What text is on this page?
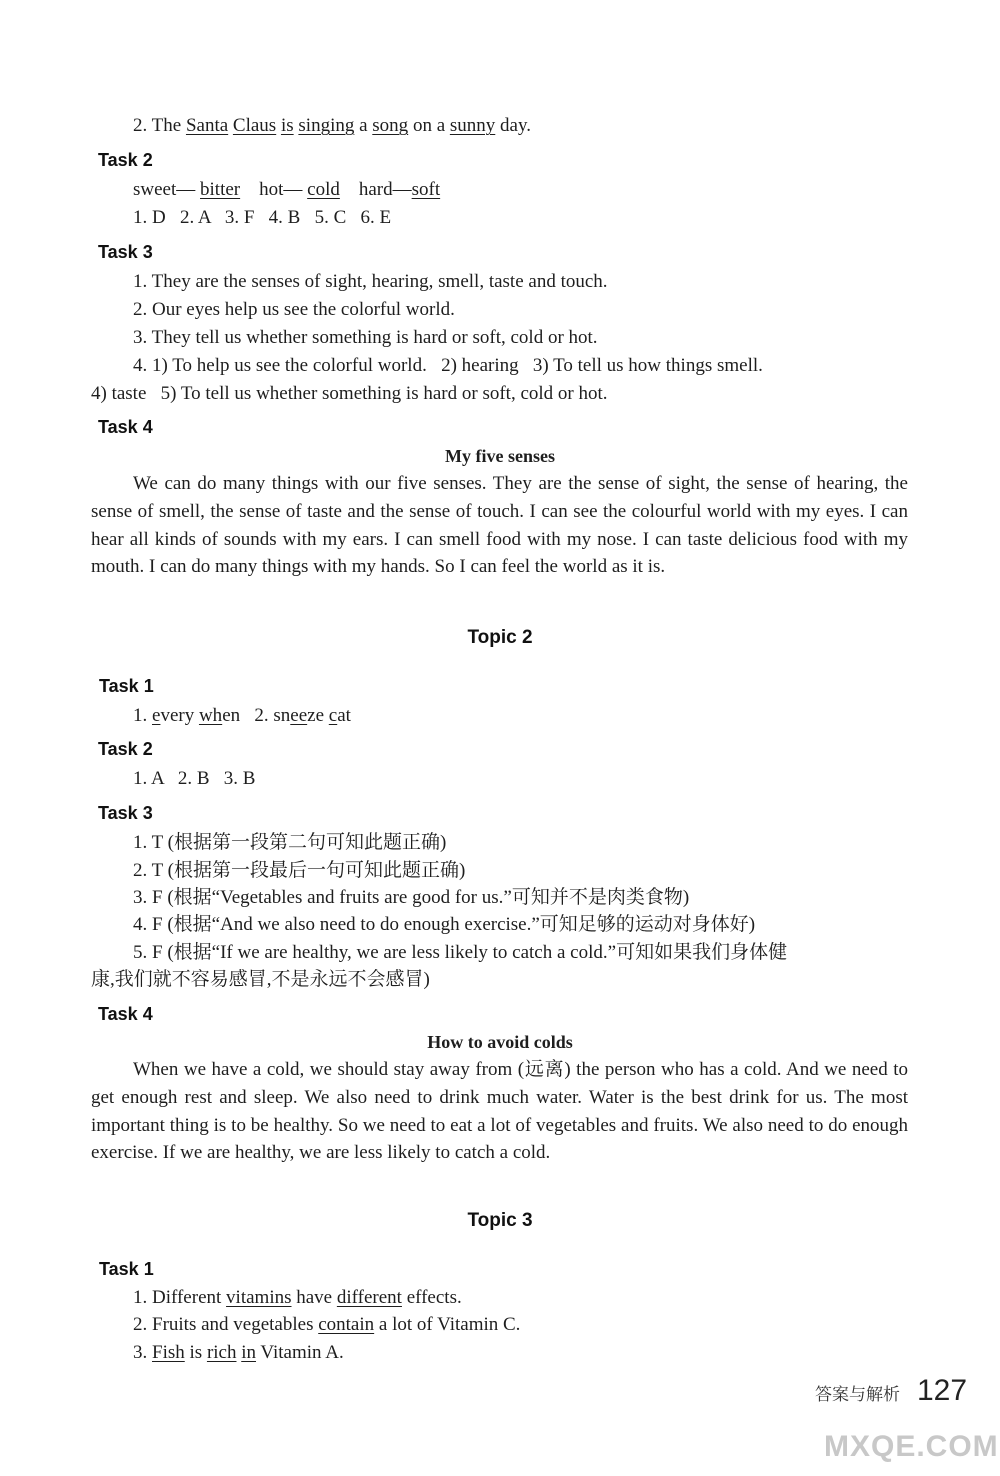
2. The Santa Claus is singing a song on a sunny day.
Task 2
sweet— bitter hot— cold hard—soft
1. D   2. A   3. F   4. B   5. C   6. E
Task 3
1. They are the senses of sight, hearing, smell, taste and touch.
2. Our eyes help us see the colorful world.
3. They tell us whether something is hard or soft, cold or hot.
4. 1) To help us see the colorful world.   2) hearing   3) To tell us how things smell.
4) taste   5) To tell us whether something is hard or soft, cold or hot.
Task 4
My five senses

We can do many things with our five senses. They are the sense of sight, the sense of hearing, the sense of smell, the sense of taste and the sense of touch. I can see the colourful world with my eyes. I can hear all kinds of sounds with my ears. I can smell food with my nose. I can taste delicious food with my mouth. I can do many things with my hands. So I can feel the world as it is.

Topic 2
Task 1
1. every when   2. sneeze cat
Task 2
1. A   2. B   3. B
Task 3
1. T (根据第一段第二句可知此题正确)
2. T (根据第一段最后一句可知此题正确)
3. F (根据“Vegetables and fruits are good for us.”可知并不是肉类食物)
4. F (根据“And we also need to do enough exercise.”可知足够的运动对身体好)
5. F (根据“If we are healthy, we are less likely to catch a cold.”可知如果我们身体健
康,我们就不容易感冒,不是永远不会感冒)
Task 4
How to avoid colds

When we have a cold, we should stay away from (远离) the person who has a cold. And we need to get enough rest and sleep. We also need to drink much water. Water is the best drink for us. The most important thing is to be healthy. So we need to eat a lot of vegetables and fruits. We also need to do enough exercise. If we are healthy, we are less likely to catch a cold.

Topic 3
Task 1
1. Different vitamins have different effects.
2. Fruits and vegetables contain a lot of Vitamin C.
3. Fish is rich in Vitamin A.
答案与解析 127
MXQE.COM
